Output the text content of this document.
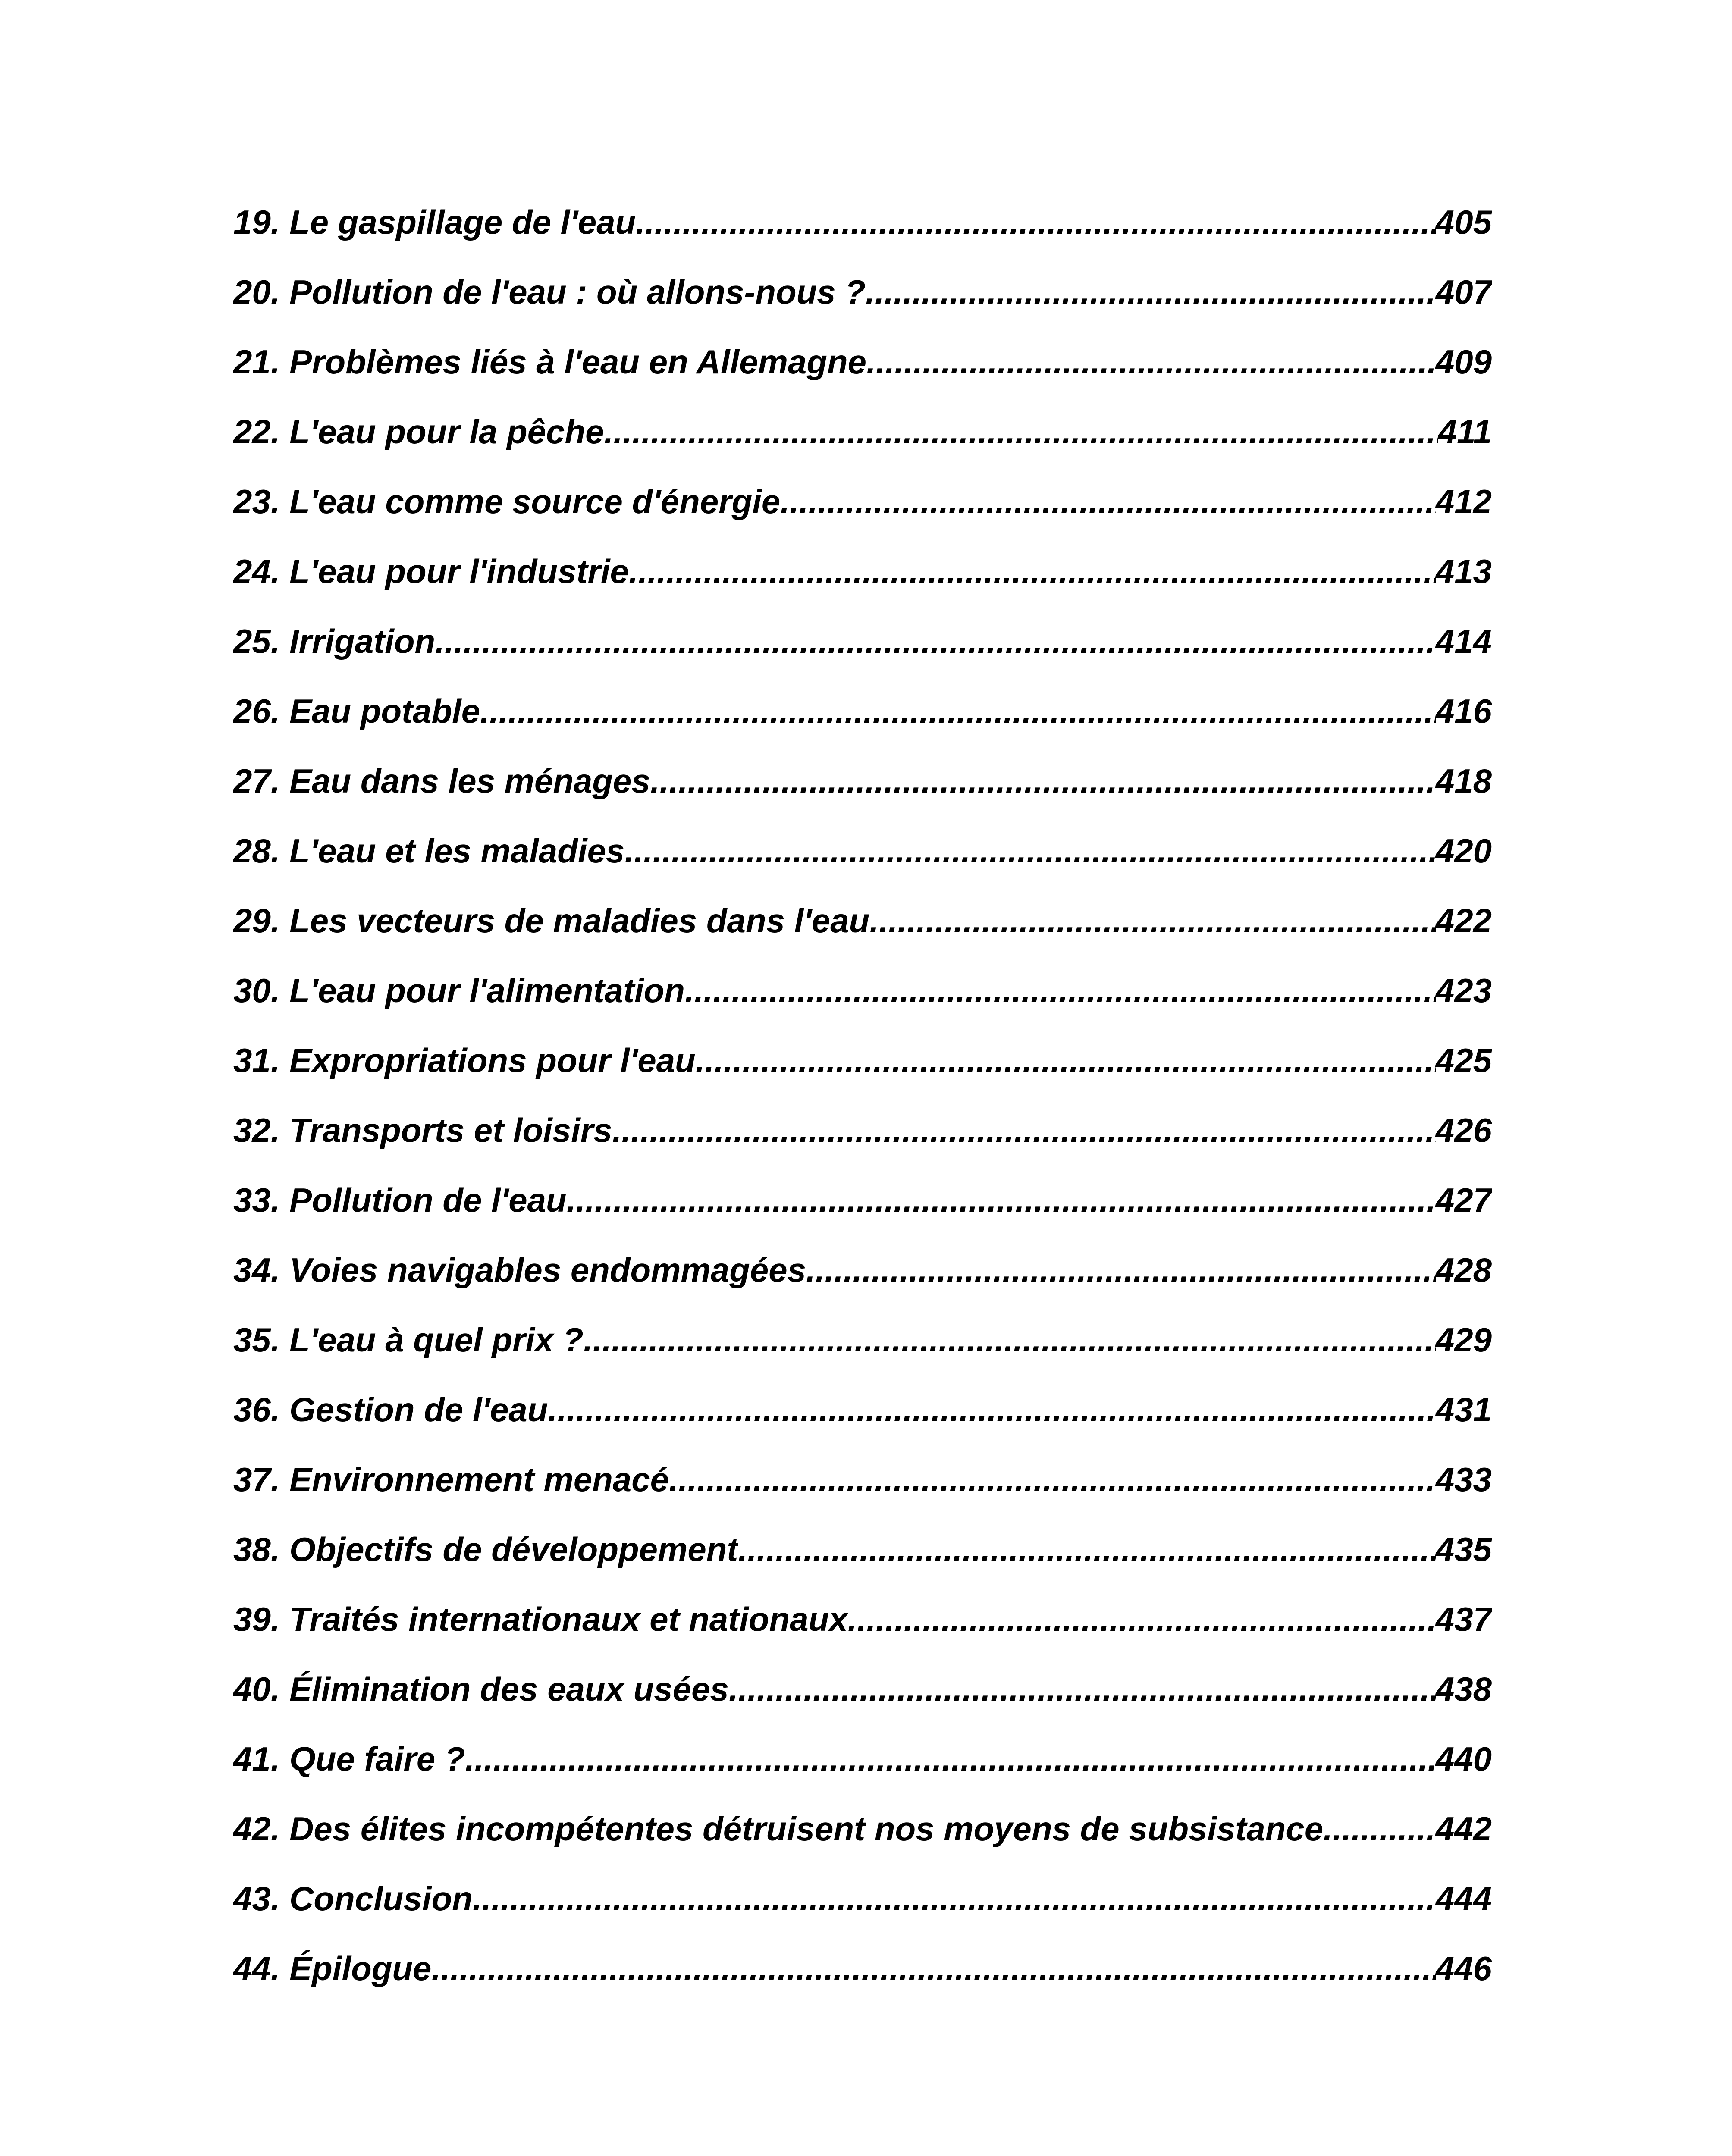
19. Le gaspillage de l'eau .....	405
20. Pollution de l'eau : où allons-nous ? .....	407
21. Problèmes liés à l'eau en Allemagne .....	409
22. L'eau pour la pêche .....	411
23. L'eau comme source d'énergie .....	412
24. L'eau pour l'industrie .....	413
25. Irrigation .....	414
26. Eau potable .....	416
27. Eau dans les ménages .....	418
28. L'eau et les maladies .....	420
29. Les vecteurs de maladies dans l'eau .....	422
30. L'eau pour l'alimentation .....	423
31. Expropriations pour l'eau .....	425
32. Transports et loisirs .....	426
33. Pollution de l'eau .....	427
34. Voies navigables endommagées .....	428
35. L'eau à quel prix ? .....	429
36. Gestion de l'eau .....	431
37. Environnement menacé .....	433
38. Objectifs de développement .....	435
39. Traités internationaux et nationaux .....	437
40. Élimination des eaux usées .....	438
41. Que faire ? .....	440
42. Des élites incompétentes détruisent nos moyens de subsistance .....	442
43. Conclusion .....	444
44. Épilogue .....	446
